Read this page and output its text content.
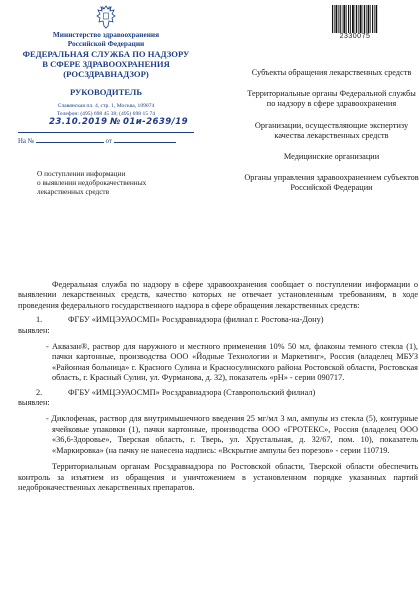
2330075
Министерство здравоохранения
Российской Федерации
ФЕДЕРАЛЬНАЯ СЛУЖБА ПО НАДЗОРУ
В СФЕРЕ ЗДРАВООХРАНЕНИЯ
(РОСЗДРАВНАДЗОР)
РУКОВОДИТЕЛЬ
Славянская пл. 4, стр. 1, Москва, 109074
Телефон: (495) 698 45 38; (495) 698 15 74
23.10.2019 № 01и-2639/19
На №	от
О поступлении информации
о выявлении недоброкачественных
лекарственных средств
Субъекты обращения лекарственных средств
Территориальные органы Федеральной службы по надзору в сфере здравоохранения
Организации, осуществляющие экспертизу качества лекарственных средств
Медицинские организации
Органы управления здравоохранением субъектов Российской Федерации

Федеральная служба по надзору в сфере здравоохранения сообщает о поступлении информации о выявлении лекарственных средств, качество которых не отвечает установленным требованиям, в ходе проведения федерального государственного надзора в сфере обращения лекарственных средств:

1.	ФГБУ «ИМЦЭУАОСМП» Росздравнадзора (филиал г. Ростова-на-Дону)

выявлен:

- Аквазан®, раствор для наружного и местного применения 10% 50 мл, флаконы темного стекла (1), пачки картонные, производства ООО «Йодные Технологии и Маркетинг», Россия (владелец МБУЗ «Районная больница» г. Красного Сулина и Красносулинского района Ростовской области, Ростовская область, г. Красный Сулин, ул. Фурманова, д. 32), показатель «pH» - серии 090717.

2.	ФГБУ «ИМЦЭУАОСМП» Росздравнадзора (Ставропольский филиал)

выявлен:

- Диклофенак, раствор для внутримышечного введения 25 мг/мл 3 мл, ампулы из стекла (5), контурные ячейковые упаковки (1), пачки картонные, производства ООО «ГРОТЕКС», Россия (владелец ООО «36,6-Здоровье», Тверская область, г. Тверь, ул. Хрустальная, д. 32/67, пом. 10), показатель «Маркировка» (на пачку не нанесена надпись: «Вскрытие ампулы без порезов» - серии 110719.

Территориальным органам Росздравнадзора по Ростовской области, Тверской области обеспечить контроль за изъятием из обращения и уничтожением в установленном порядке указанных партий недоброкачественных лекарственных препаратов.
